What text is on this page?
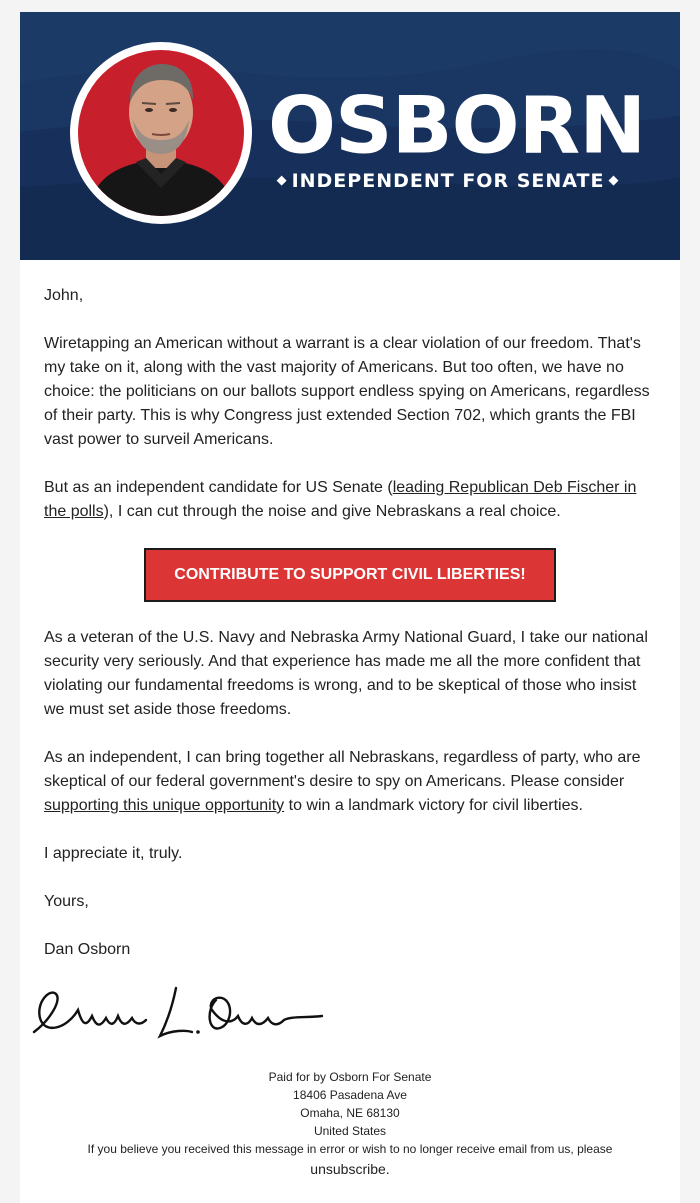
OSBORN
◆ INDEPENDENT FOR SENATE ◆

John,

Wiretapping an American without a warrant is a clear violation of our freedom. That's my take on it, along with the vast majority of Americans. But too often, we have no choice: the politicians on our ballots support endless spying on Americans, regardless of their party. This is why Congress just extended Section 702, which grants the FBI vast power to surveil Americans.

But as an independent candidate for US Senate (leading Republican Deb Fischer in the polls), I can cut through the noise and give Nebraskans a real choice.

CONTRIBUTE TO SUPPORT CIVIL LIBERTIES!

As a veteran of the U.S. Navy and Nebraska Army National Guard, I take our national security very seriously. And that experience has made me all the more confident that violating our fundamental freedoms is wrong, and to be skeptical of those who insist we must set aside those freedoms.

As an independent, I can bring together all Nebraskans, regardless of party, who are skeptical of our federal government's desire to spy on Americans. Please consider supporting this unique opportunity to win a landmark victory for civil liberties.

I appreciate it, truly.

Yours,

Dan Osborn

Paid for by Osborn For Senate
18406 Pasadena Ave
Omaha, NE 68130
United States
If you believe you received this message in error or wish to no longer receive email from us, please
unsubscribe.
